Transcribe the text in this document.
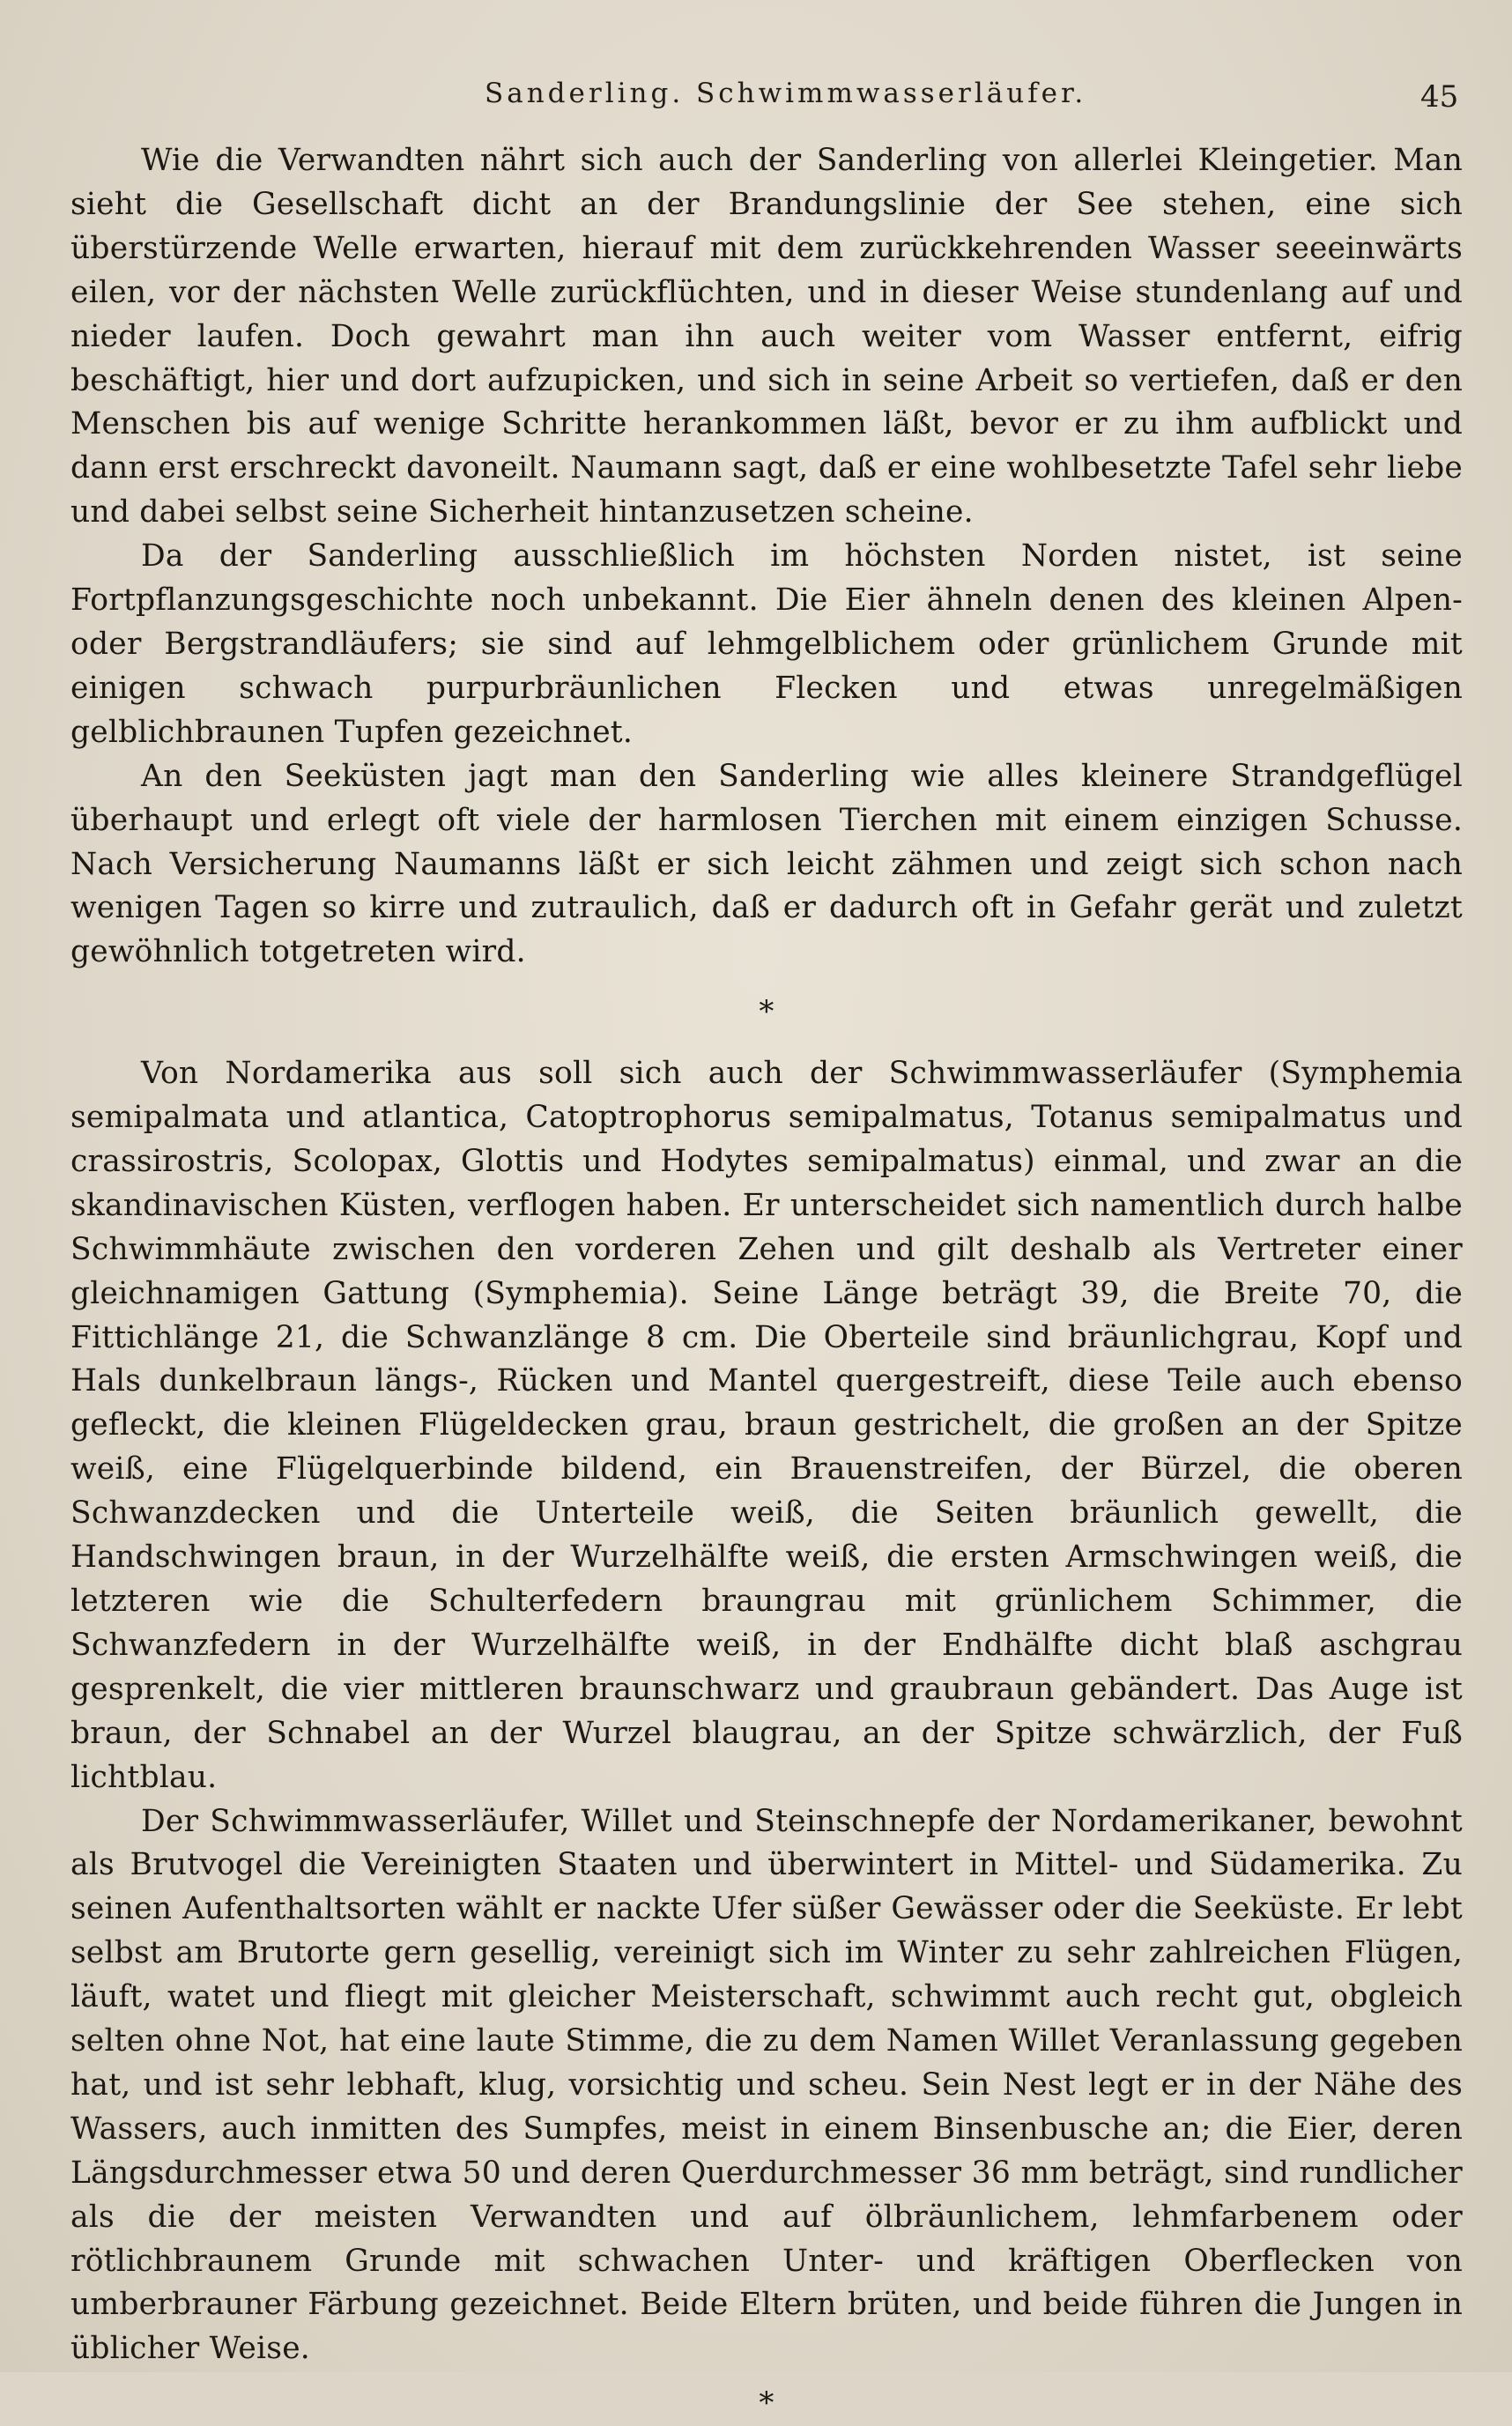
Sanderling. Schwimmwasserläufer.	45

Wie die Verwandten nährt sich auch der Sanderling von allerlei Kleingetier. Man sieht die Gesellschaft dicht an der Brandungslinie der See stehen, eine sich überstürzende Welle erwarten, hierauf mit dem zurückkehrenden Wasser seeeinwärts eilen, vor der nächsten Welle zurückflüchten, und in dieser Weise stundenlang auf und nieder laufen. Doch gewahrt man ihn auch weiter vom Wasser entfernt, eifrig beschäftigt, hier und dort aufzupicken, und sich in seine Arbeit so vertiefen, daß er den Menschen bis auf wenige Schritte herankommen läßt, bevor er zu ihm aufblickt und dann erst erschreckt davoneilt. Naumann sagt, daß er eine wohlbesetzte Tafel sehr liebe und dabei selbst seine Sicherheit hintanzusetzen scheine.

Da der Sanderling ausschließlich im höchsten Norden nistet, ist seine Fortpflanzungsgeschichte noch unbekannt. Die Eier ähneln denen des kleinen Alpen- oder Bergstrandläufers; sie sind auf lehmgelblichem oder grünlichem Grunde mit einigen schwach purpurbräunlichen Flecken und etwas unregelmäßigen gelblichbraunen Tupfen gezeichnet.

An den Seeküsten jagt man den Sanderling wie alles kleinere Strandgeflügel überhaupt und erlegt oft viele der harmlosen Tierchen mit einem einzigen Schusse. Nach Versicherung Naumanns läßt er sich leicht zähmen und zeigt sich schon nach wenigen Tagen so kirre und zutraulich, daß er dadurch oft in Gefahr gerät und zuletzt gewöhnlich totgetreten wird.

*

Von Nordamerika aus soll sich auch der Schwimmwasserläufer (Symphemia semipalmata und atlantica, Catoptrophorus semipalmatus, Totanus semipalmatus und crassirostris, Scolopax, Glottis und Hodytes semipalmatus) einmal, und zwar an die skandinavischen Küsten, verflogen haben. Er unterscheidet sich namentlich durch halbe Schwimmhäute zwischen den vorderen Zehen und gilt deshalb als Vertreter einer gleichnamigen Gattung (Symphemia). Seine Länge beträgt 39, die Breite 70, die Fittichlänge 21, die Schwanzlänge 8 cm. Die Oberteile sind bräunlichgrau, Kopf und Hals dunkelbraun längs-, Rücken und Mantel quergestreift, diese Teile auch ebenso gefleckt, die kleinen Flügeldecken grau, braun gestrichelt, die großen an der Spitze weiß, eine Flügelquerbinde bildend, ein Brauenstreifen, der Bürzel, die oberen Schwanzdecken und die Unterteile weiß, die Seiten bräunlich gewellt, die Handschwingen braun, in der Wurzelhälfte weiß, die ersten Armschwingen weiß, die letzteren wie die Schulterfedern braungrau mit grünlichem Schimmer, die Schwanzfedern in der Wurzelhälfte weiß, in der Endhälfte dicht blaß aschgrau gesprenkelt, die vier mittleren braunschwarz und graubraun gebändert. Das Auge ist braun, der Schnabel an der Wurzel blaugrau, an der Spitze schwärzlich, der Fuß lichtblau.

Der Schwimmwasserläufer, Willet und Steinschnepfe der Nordamerikaner, bewohnt als Brutvogel die Vereinigten Staaten und überwintert in Mittel- und Südamerika. Zu seinen Aufenthaltsorten wählt er nackte Ufer süßer Gewässer oder die Seeküste. Er lebt selbst am Brutorte gern gesellig, vereinigt sich im Winter zu sehr zahlreichen Flügen, läuft, watet und fliegt mit gleicher Meisterschaft, schwimmt auch recht gut, obgleich selten ohne Not, hat eine laute Stimme, die zu dem Namen Willet Veranlassung gegeben hat, und ist sehr lebhaft, klug, vorsichtig und scheu. Sein Nest legt er in der Nähe des Wassers, auch inmitten des Sumpfes, meist in einem Binsenbusche an; die Eier, deren Längsdurchmesser etwa 50 und deren Querdurchmesser 36 mm beträgt, sind rundlicher als die der meisten Verwandten und auf ölbräunlichem, lehmfarbenem oder rötlichbraunem Grunde mit schwachen Unter- und kräftigen Oberflecken von umberbrauner Färbung gezeichnet. Beide Eltern brüten, und beide führen die Jungen in üblicher Weise.

*
